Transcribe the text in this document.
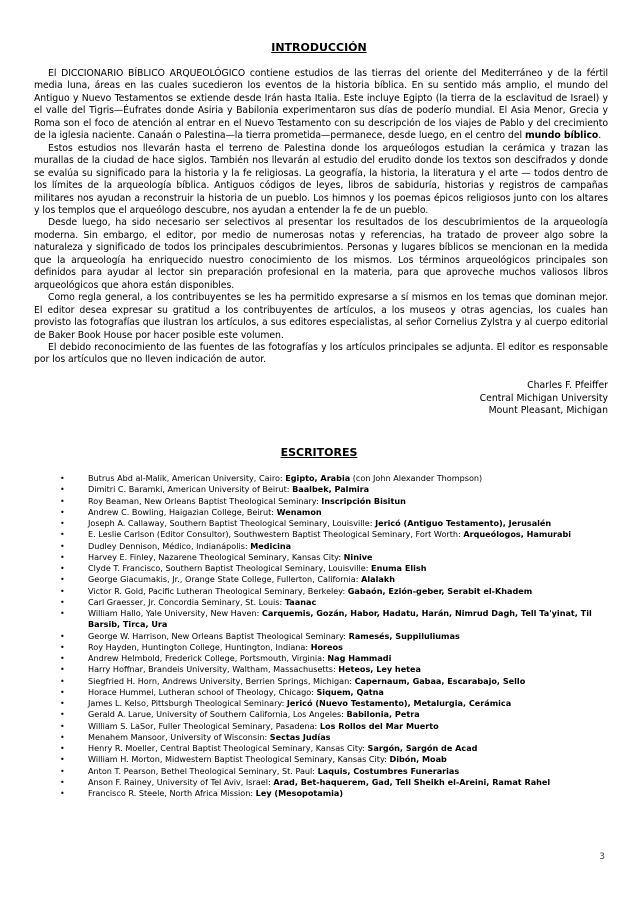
INTRODUCCIÓN

El DICCIONARIO BÍBLICO ARQUEOLÓGICO contiene estudios de las tierras del oriente del Mediterráneo y de la fértil media luna, áreas en las cuales sucedieron los eventos de la historia bíblica. En su sentido más amplio, el mundo del Antiguo y Nuevo Testamentos se extiende desde Irán hasta Italia. Este incluye Egipto (la tierra de la esclavitud de Israel) y el valle del Tigris—Éufrates donde Asiria y Babilonia experimentaron sus días de poderío mundial. El Asia Menor, Grecia y Roma son el foco de atención al entrar en el Nuevo Testamento con su descripción de los viajes de Pablo y del crecimiento de la iglesia naciente. Canaán o Palestina—la tierra prometida—permanece, desde luego, en el centro del mundo bíblico.

Estos estudios nos llevarán hasta el terreno de Palestina donde los arqueólogos estudian la cerámica y trazan las murallas de la ciudad de hace siglos. También nos llevarán al estudio del erudito donde los textos son descifrados y donde se evalúa su significado para la historia y la fe religiosas. La geografía, la historia, la literatura y el arte — todos dentro de los límites de la arqueología bíblica. Antiguos códigos de leyes, libros de sabiduría, historias y registros de campañas militares nos ayudan a reconstruir la historia de un pueblo. Los himnos y los poemas épicos religiosos junto con los altares y los templos que el arqueólogo descubre, nos ayudan a entender la fe de un pueblo.

Desde luego, ha sido necesario ser selectivos al presentar los resultados de los descubrimientos de la arqueología moderna. Sin embargo, el editor, por medio de numerosas notas y referencias, ha tratado de proveer algo sobre la naturaleza y significado de todos los principales descubrimientos. Personas y lugares bíblicos se mencionan en la medida que la arqueología ha enriquecido nuestro conocimiento de los mismos. Los términos arqueológicos principales son definidos para ayudar al lector sin preparación profesional en la materia, para que aproveche muchos valiosos libros arqueológicos que ahora están disponibles.

Como regla general, a los contribuyentes se les ha permitido expresarse a sí mismos en los temas que dominan mejor. El editor desea expresar su gratitud a los contribuyentes de artículos, a los museos y otras agencias, los cuales han provisto las fotografías que ilustran los artículos, a sus editores especialistas, al señor Cornelius Zylstra y al cuerpo editorial de Baker Book House por hacer posible este volumen.

El debido reconocimiento de las fuentes de las fotografías y los artículos principales se adjunta. El editor es responsable por los artículos que no lleven indicación de autor.

Charles F. Pfeiffer
Central Michigan University
Mount Pleasant, Michigan
ESCRITORES
•	Butrus Abd al-Malik, American University, Cairo: Egipto, Arabia (con John Alexander Thompson)
•	Dimitri C. Baramki, American University of Beirut: Baalbek, Palmira
•	Roy Beaman, New Orleans Baptist Theological Seminary: Inscripción Bisitun
•	Andrew C. Bowling, Haigazian College, Beirut: Wenamon
•	Joseph A. Callaway, Southern Baptist Theological Seminary, Louisville: Jericó (Antiguo Testamento), Jerusalén
•	E. Leslie Carlson (Editor Consultor), Southwestern Baptist Theological Seminary, Fort Worth: Arqueólogos, Hamurabi
•	Dudley Dennison, Médico, Indianápolis: Medicina
•	Harvey E. Finley, Nazarene Theological Seminary, Kansas City: Ninive
•	Clyde T. Francisco, Southern Baptist Theological Seminary, Louisville: Enuma Elish
•	George Giacumakis, Jr., Orange State College, Fullerton, California: Alalakh
•	Victor R. Gold, Pacific Lutheran Theological Seminary, Berkeley: Gabaón, Ezión-geber, Serabit el-Khadem
•	Carl Graesser, Jr. Concordia Seminary, St. Louis: Taanac
•	William Hallo, Yale University, New Haven: Carquemis, Gozán, Habor, Hadatu, Harán, Nimrud Dagh, Tell Ta'yinat, Til Barsib, Tirca, Ura
•	George W. Harrison, New Orleans Baptist Theological Seminary: Ramesés, Suppiluliumas
•	Roy Hayden, Huntington College, Huntington, Indiana: Horeos
•	Andrew Helmbold, Frederick College, Portsmouth, Virginia: Nag Hammadi
•	Harry Hoffnar, Brandeis University, Waltham, Massachusetts: Heteos, Ley hetea
•	Siegfried H. Horn, Andrews University, Berrien Springs, Michigan: Capernaum, Gabaa, Escarabajo, Sello
•	Horace Hummel, Lutheran school of Theology, Chicago: Siquem, Qatna
•	James L. Kelso, Pittsburgh Theological Seminary: Jericó (Nuevo Testamento), Metalurgia, Cerámica
•	Gerald A. Larue, University of Southern California, Los Angeles: Babilonia, Petra
•	William S. LaSor, Fuller Theological Seminary, Pasadena: Los Rollos del Mar Muerto
•	Menahem Mansoor, University of Wisconsin: Sectas Judías
•	Henry R. Moeller, Central Baptist Theological Seminary, Kansas City: Sargón, Sargón de Acad
•	William H. Morton, Midwestern Baptist Theological Seminary, Kansas City: Dibón, Moab
•	Anton T. Pearson, Bethel Theological Seminary, St. Paul: Laquis, Costumbres Funerarias
•	Anson F. Rainey, University of Tel Aviv, Israel: Arad, Bet-haquerem, Gad, Tell Sheikh el-Areini, Ramat Rahel
•	Francisco R. Steele, North Africa Mission: Ley (Mesopotamia)
3
